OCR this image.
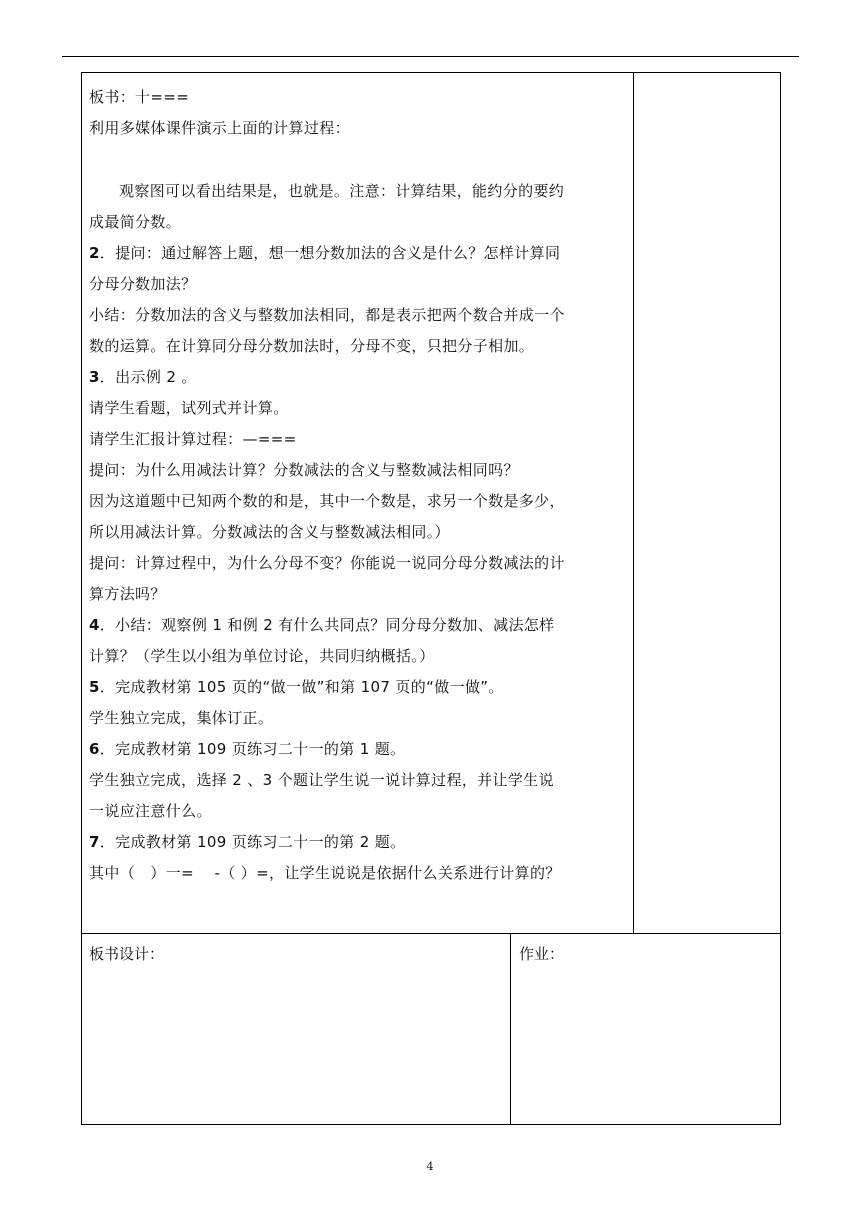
板书：十===
利用多媒体课件演示上面的计算过程：
观察图可以看出结果是，也就是。注意：计算结果，能约分的要约
成最简分数。
2．提问：通过解答上题，想一想分数加法的含义是什么？怎样计算同
分母分数加法？
小结：分数加法的含义与整数加法相同，都是表示把两个数合并成一个
数的运算。在计算同分母分数加法时，分母不变，只把分子相加。
3．出示例 2 。
请学生看题，试列式并计算。
请学生汇报计算过程：—===
提问：为什么用减法计算？分数减法的含义与整数减法相同吗？
因为这道题中已知两个数的和是，其中一个数是，求另一个数是多少，
所以用减法计算。分数减法的含义与整数减法相同。）
提问：计算过程中，为什么分母不变？你能说一说同分母分数减法的计
算方法吗？
4．小结：观察例 1 和例 2 有什么共同点？同分母分数加、减法怎样
计算？（学生以小组为单位讨论，共同归纳概括。）
5．完成教材第 105 页的“做一做”和第 107 页的“做一做”。
学生独立完成，集体订正。
6．完成教材第 109 页练习二十一的第 1 题。
学生独立完成，选择 2 、3 个题让学生说一说计算过程，并让学生说
一说应注意什么。
7．完成教材第 109 页练习二十一的第 2 题。
其中（　）一=　 -（ ）=，让学生说说是依据什么关系进行计算的？
板书设计：	作业：
4
